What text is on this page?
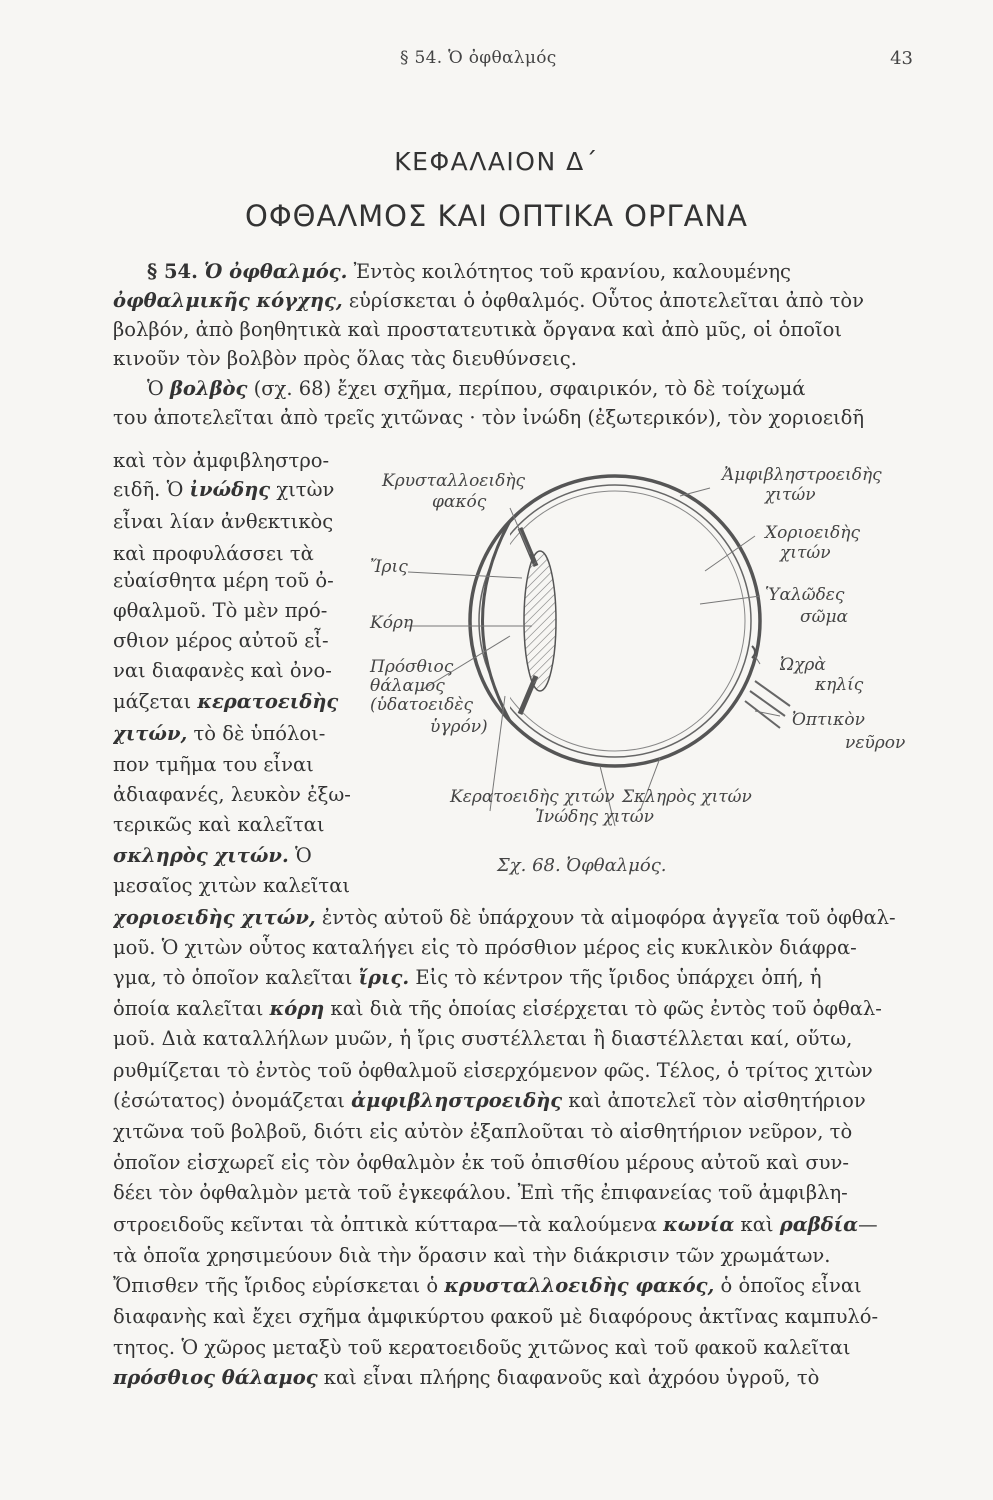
§ 54. Ὁ ὀφθαλμός	43
ΚΕΦΑΛΑΙΟΝ Δ΄
ΟΦΘΑΛΜΟΣ ΚΑΙ ΟΠΤΙΚΑ ΟΡΓΑΝΑ
§ 54. Ὁ ὀφθαλμός. Ἐντὸς κοιλότητος τοῦ κρανίου, καλουμένης
ὀφθαλμικῆς κόγχης, εὑρίσκεται ὁ ὀφθαλμός. Οὗτος ἀποτελεῖται ἀπὸ τὸν
βολβόν, ἀπὸ βοηθητικὰ καὶ προστατευτικὰ ὄργανα καὶ ἀπὸ μῦς, οἱ ὁποῖοι
κινοῦν τὸν βολβὸν πρὸς ὅλας τὰς διευθύνσεις.
Ὁ βολβὸς (σχ. 68) ἔχει σχῆμα, περίπου, σφαιρικόν, τὸ δὲ τοίχωμά
του ἀποτελεῖται ἀπὸ τρεῖς χιτῶνας · τὸν ἰνώδη (ἐξωτερικόν), τὸν χοριοειδῆ
καὶ τὸν ἀμφιβληστρο-
ειδῆ. Ὁ ἰνώδης χιτὼν
εἶναι λίαν ἀνθεκτικὸς
καὶ προφυλάσσει τὰ
εὐαίσθητα μέρη τοῦ ὀ-
φθαλμοῦ. Τὸ μὲν πρό-
σθιον μέρος αὐτοῦ εἶ-
ναι διαφανὲς καὶ ὀνο-
μάζεται κερατοειδὴς
χιτών, τὸ δὲ ὑπόλοι-
πον τμῆμα του εἶναι
ἀδιαφανές, λευκὸν ἐξω-
τερικῶς καὶ καλεῖται
σκληρὸς χιτών. Ὁ
μεσαῖος χιτὼν καλεῖται
χοριοειδὴς χιτών, ἐντὸς αὐτοῦ δὲ ὑπάρχουν τὰ αἱμοφόρα ἀγγεῖα τοῦ ὀφθαλ-
μοῦ. Ὁ χιτὼν οὗτος καταλήγει εἰς τὸ πρόσθιον μέρος εἰς κυκλικὸν διάφρα-
γμα, τὸ ὁποῖον καλεῖται ἴρις. Εἰς τὸ κέντρον τῆς ἴριδος ὑπάρχει ὀπή, ἡ
ὁποία καλεῖται κόρη καὶ διὰ τῆς ὁποίας εἰσέρχεται τὸ φῶς ἐντὸς τοῦ ὀφθαλ-
μοῦ. Διὰ καταλλήλων μυῶν, ἡ ἴρις συστέλλεται ἢ διαστέλλεται καί, οὕτω,
ρυθμίζεται τὸ ἐντὸς τοῦ ὀφθαλμοῦ εἰσερχόμενον φῶς. Τέλος, ὁ τρίτος χιτὼν
(ἐσώτατος) ὀνομάζεται ἀμφιβληστροειδὴς καὶ ἀποτελεῖ τὸν αἰσθητήριον
χιτῶνα τοῦ βολβοῦ, διότι εἰς αὐτὸν ἐξαπλοῦται τὸ αἰσθητήριον νεῦρον, τὸ
ὁποῖον εἰσχωρεῖ εἰς τὸν ὀφθαλμὸν ἐκ τοῦ ὀπισθίου μέρους αὐτοῦ καὶ συν-
δέει τὸν ὀφθαλμὸν μετὰ τοῦ ἐγκεφάλου. Ἐπὶ τῆς ἐπιφανείας τοῦ ἀμφιβλη-
στροειδοῦς κεῖνται τὰ ὀπτικὰ κύτταρα—τὰ καλούμενα κωνία καὶ ραβδία—
τὰ ὁποῖα χρησιμεύουν διὰ τὴν ὅρασιν καὶ τὴν διάκρισιν τῶν χρωμάτων.
Ὄπισθεν τῆς ἴριδος εὑρίσκεται ὁ κρυσταλλοειδὴς φακός, ὁ ὁποῖος εἶναι
διαφανὴς καὶ ἔχει σχῆμα ἀμφικύρτου φακοῦ μὲ διαφόρους ἀκτῖνας καμπυλό-
τητος. Ὁ χῶρος μεταξὺ τοῦ κερατοειδοῦς χιτῶνος καὶ τοῦ φακοῦ καλεῖται
πρόσθιος θάλαμος καὶ εἶναι πλήρης διαφανοῦς καὶ ἀχρόου ὑγροῦ, τὸ
Κρυσταλλοειδὴς
φακός
Ἀμφιβληστροειδὴς
χιτών
Χοριοειδὴς
χιτών
Ἴρις
Ὑαλῶδες
σῶμα
Κόρη
Ὠχρὰ
κηλίς
Πρόσθιος
θάλαμος
(ὑδατοειδὲς
ὑγρόν)	Ὀπτικὸν
νεῦρον
Κερατοειδὴς χιτών Σκληρὸς χιτών
Ἰνώδης χιτών
Σχ. 68. Ὀφθαλμός.
